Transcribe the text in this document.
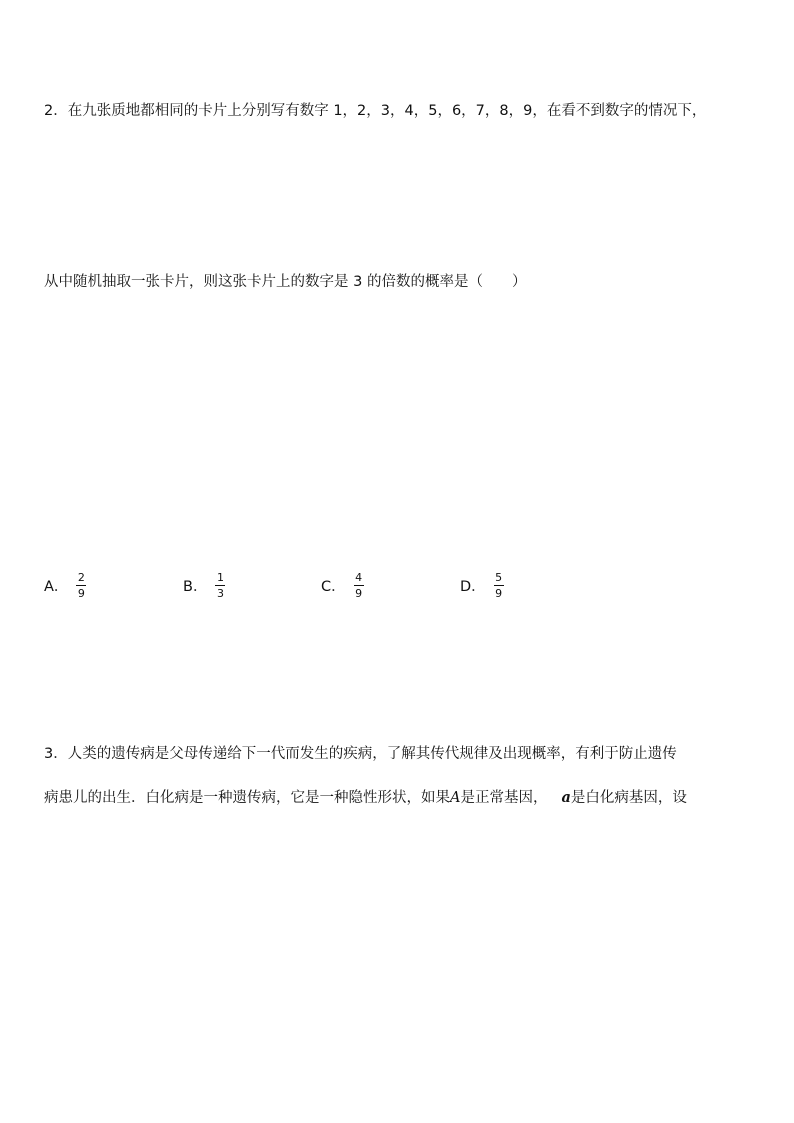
2．在九张质地都相同的卡片上分别写有数字 1，2，3，4，5，6，7，8，9，在看不到数字的情况下，
从中随机抽取一张卡片，则这张卡片上的数字是 3 的倍数的概率是（　　）
A． $\frac{2}{9}$	B． $\frac{1}{3}$	C． $\frac{4}{9}$	D． $\frac{5}{9}$
3．人类的遗传病是父母传递给下一代而发生的疾病，了解其传代规律及出现概率，有利于防止遗传
病患儿的出生．白化病是一种遗传病，它是一种隐性形状，如果A是正常基因， a是白化病基因，设
